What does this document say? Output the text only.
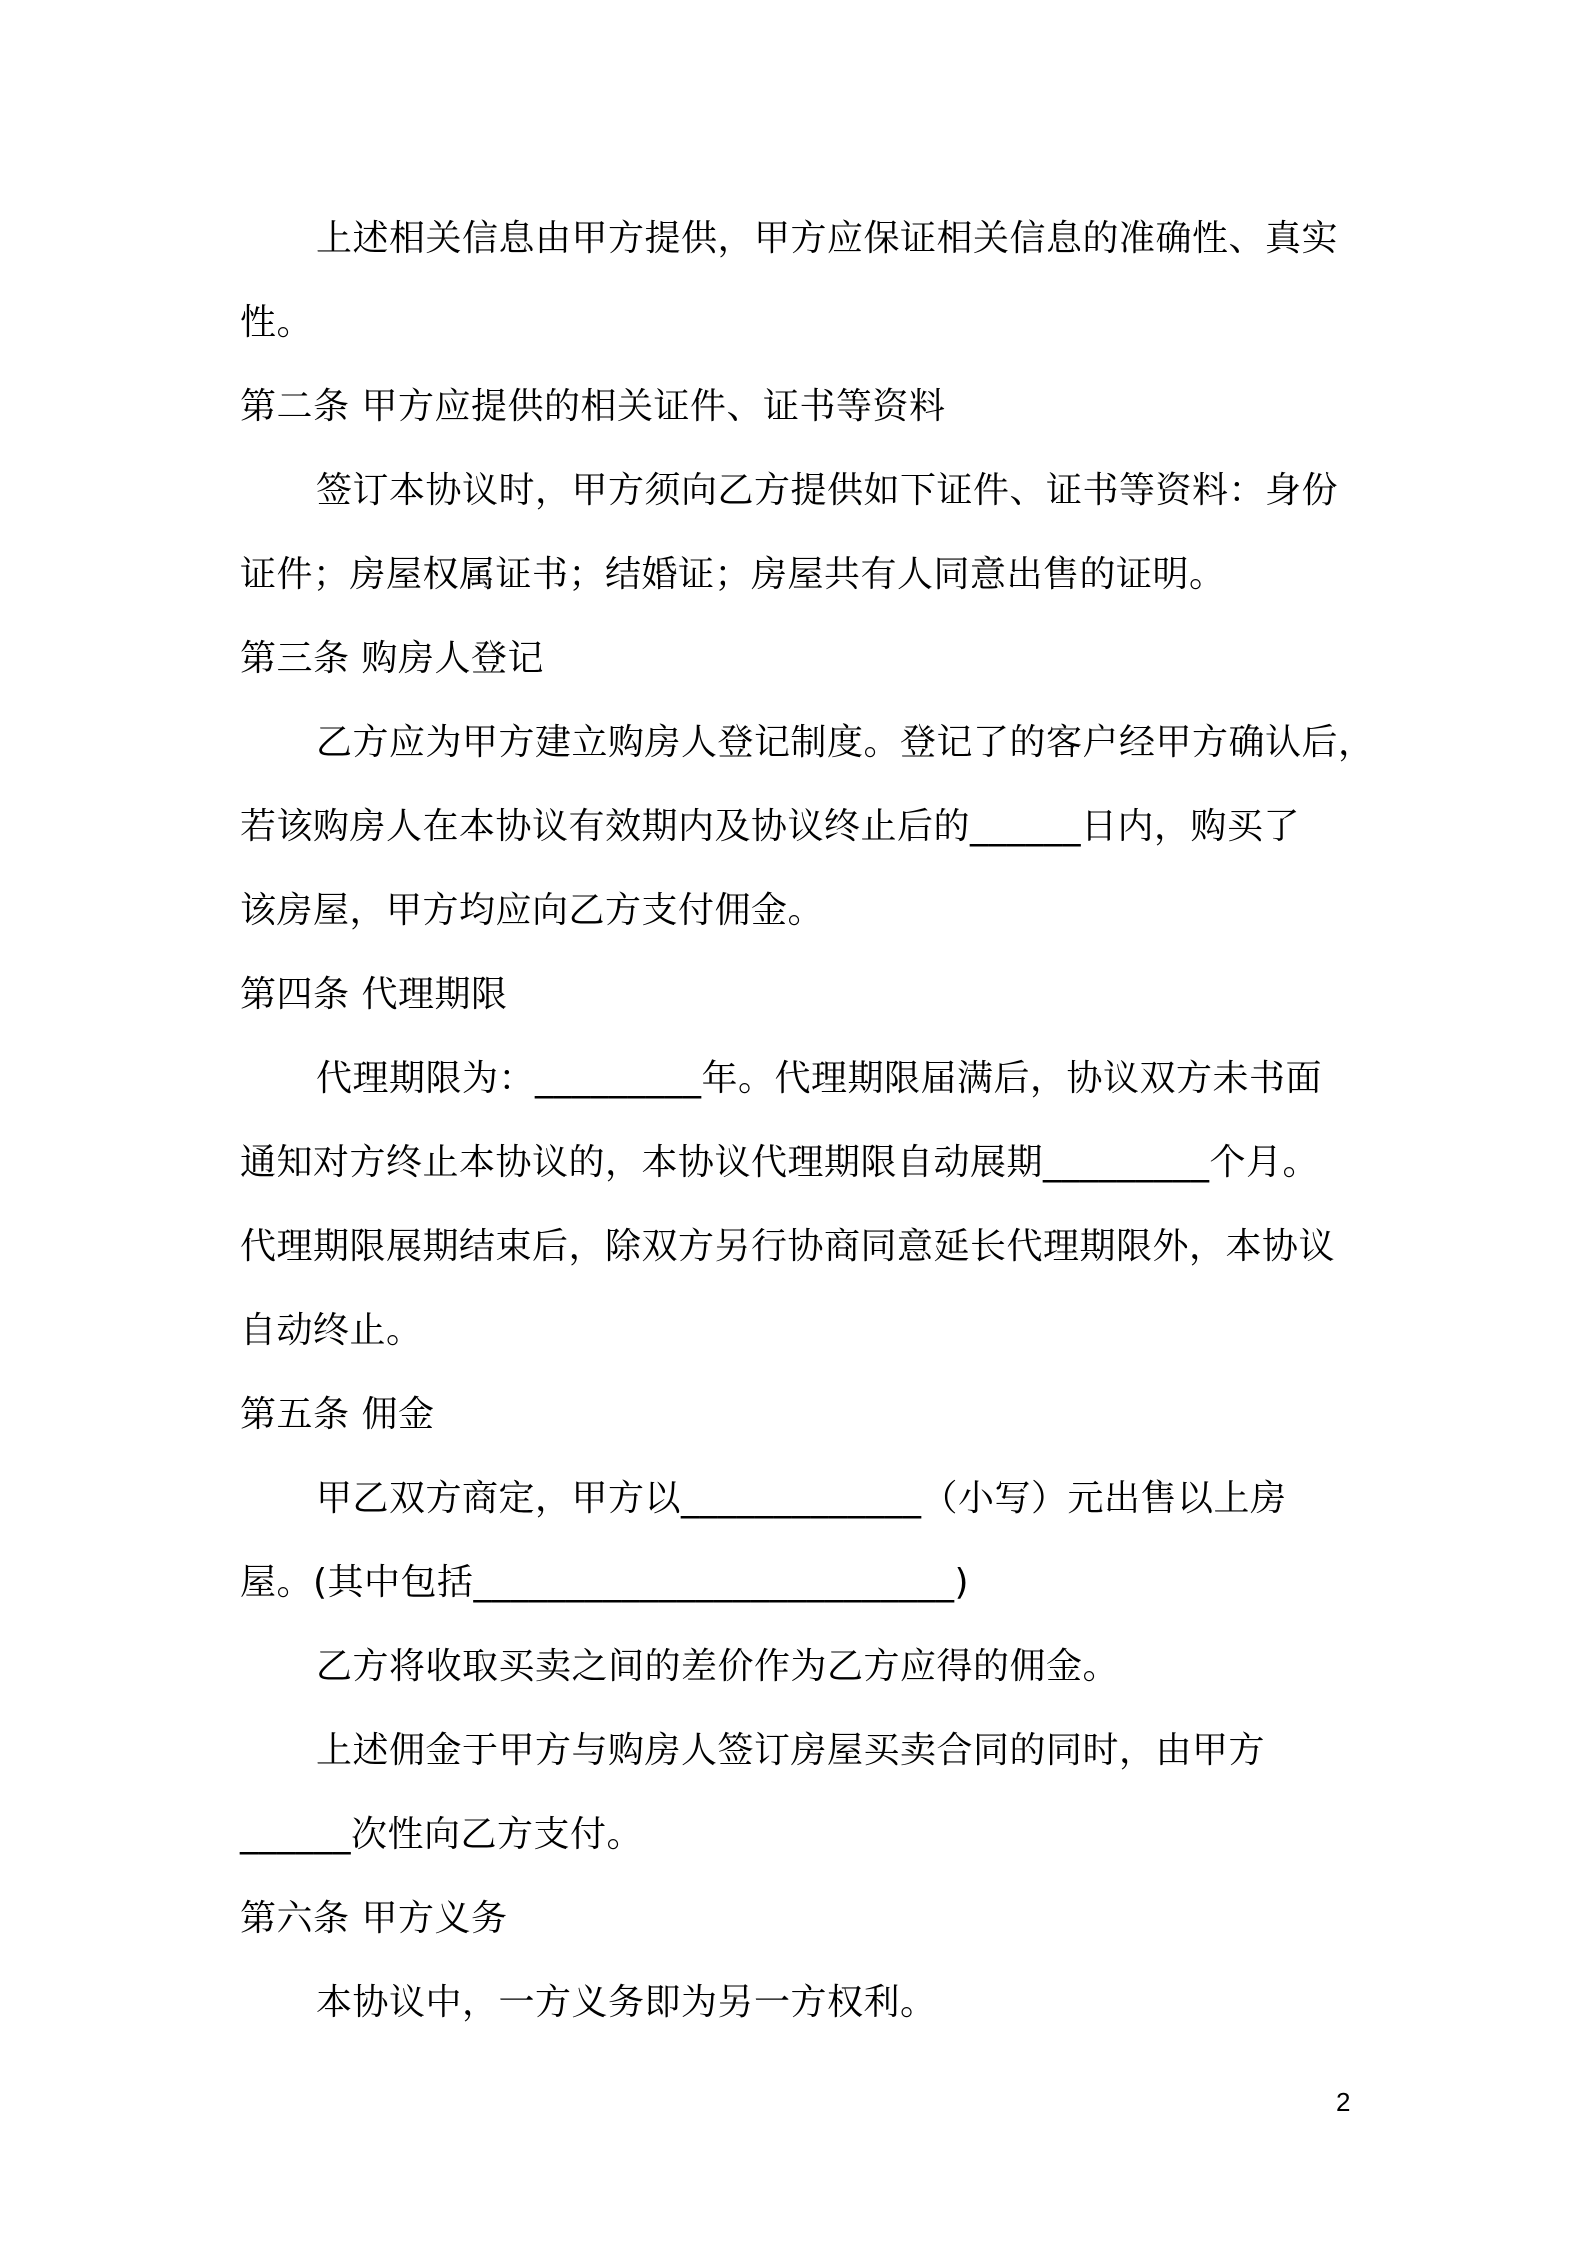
上述相关信息由甲方提供，甲方应保证相关信息的准确性、真实
性。
第二条 甲方应提供的相关证件、证书等资料
签订本协议时，甲方须向乙方提供如下证件、证书等资料：身份
证件；房屋权属证书；结婚证；房屋共有人同意出售的证明。
第三条 购房人登记
乙方应为甲方建立购房人登记制度。登记了的客户经甲方确认后，
若该购房人在本协议有效期内及协议终止后的______日内，购买了
该房屋，甲方均应向乙方支付佣金。
第四条 代理期限
代理期限为：_________年。代理期限届满后，协议双方未书面
通知对方终止本协议的，本协议代理期限自动展期_________个月。
代理期限展期结束后，除双方另行协商同意延长代理期限外，本协议
自动终止。
第五条 佣金
甲乙双方商定，甲方以_____________（小写）元出售以上房
屋。(其中包括__________________________)
乙方将收取买卖之间的差价作为乙方应得的佣金。
上述佣金于甲方与购房人签订房屋买卖合同的同时，由甲方
______次性向乙方支付。
第六条 甲方义务
本协议中，一方义务即为另一方权利。
2
